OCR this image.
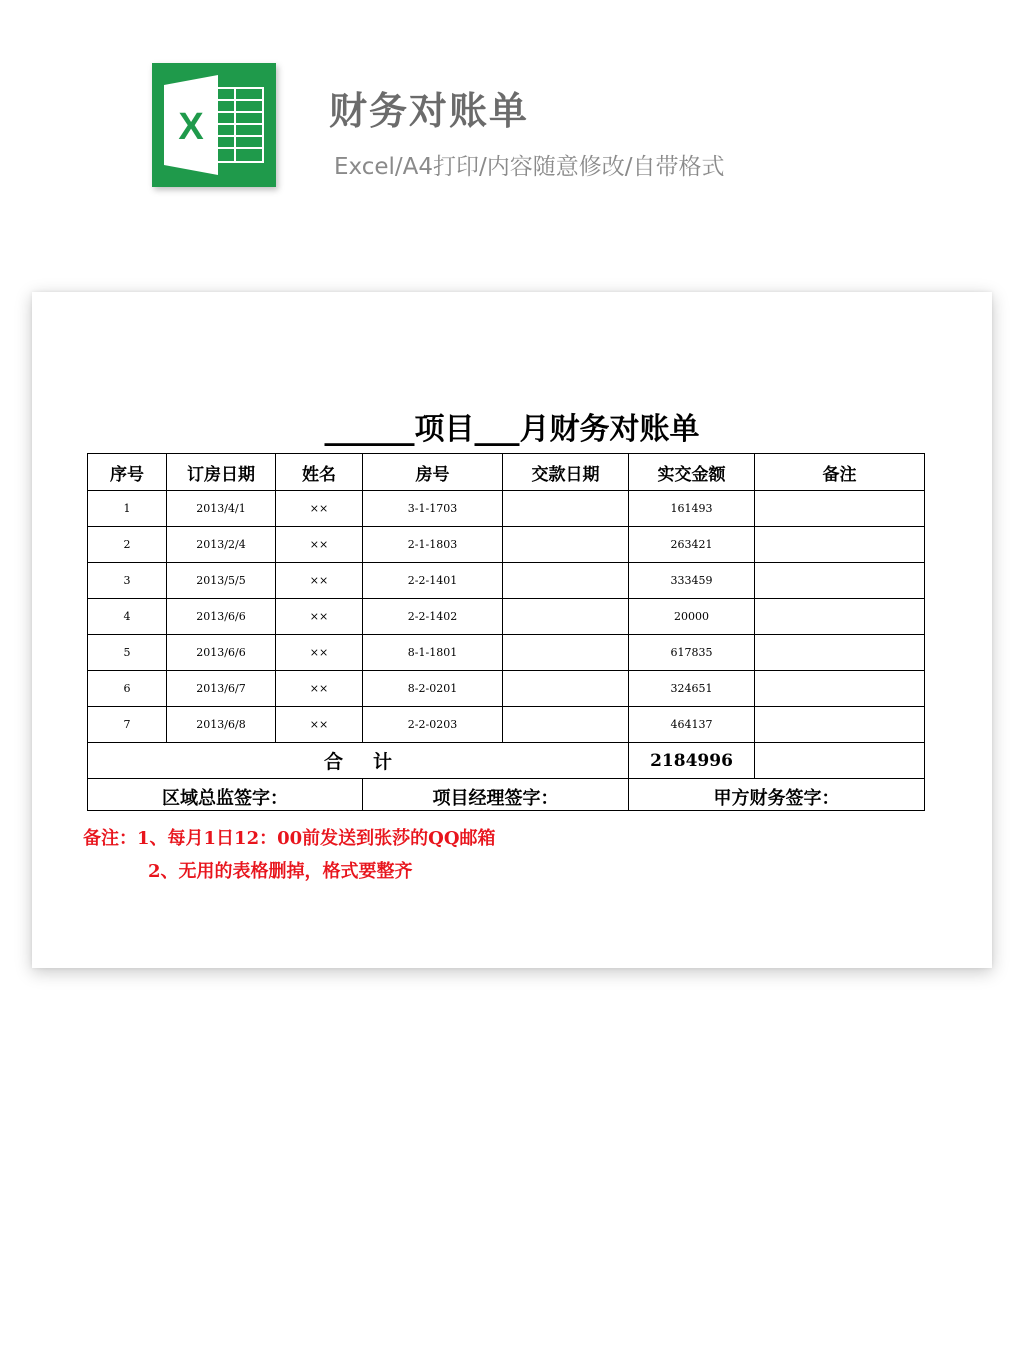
X	财务对账单
Excel/A4打印/内容随意修改/自带格式
______项目___月财务对账单
序号	订房日期	姓名	房号	交款日期	实交金额	备注
1	2013/4/1	××	3-1-1703		161493	
2	2013/2/4	××	2-1-1803		263421	
3	2013/5/5	××	2-2-1401		333459	
4	2013/6/6	××	2-2-1402		20000	
5	2013/6/6	××	8-1-1801		617835	
6	2013/6/7	××	8-2-0201		324651	
7	2013/6/8	××	2-2-0203		464137	
合计					2184996	
区域总监签字：			项目经理签字：		甲方财务签字：	
备注：1、每月1日12：00前发送到张莎的QQ邮箱
2、无用的表格删掉，格式要整齐
